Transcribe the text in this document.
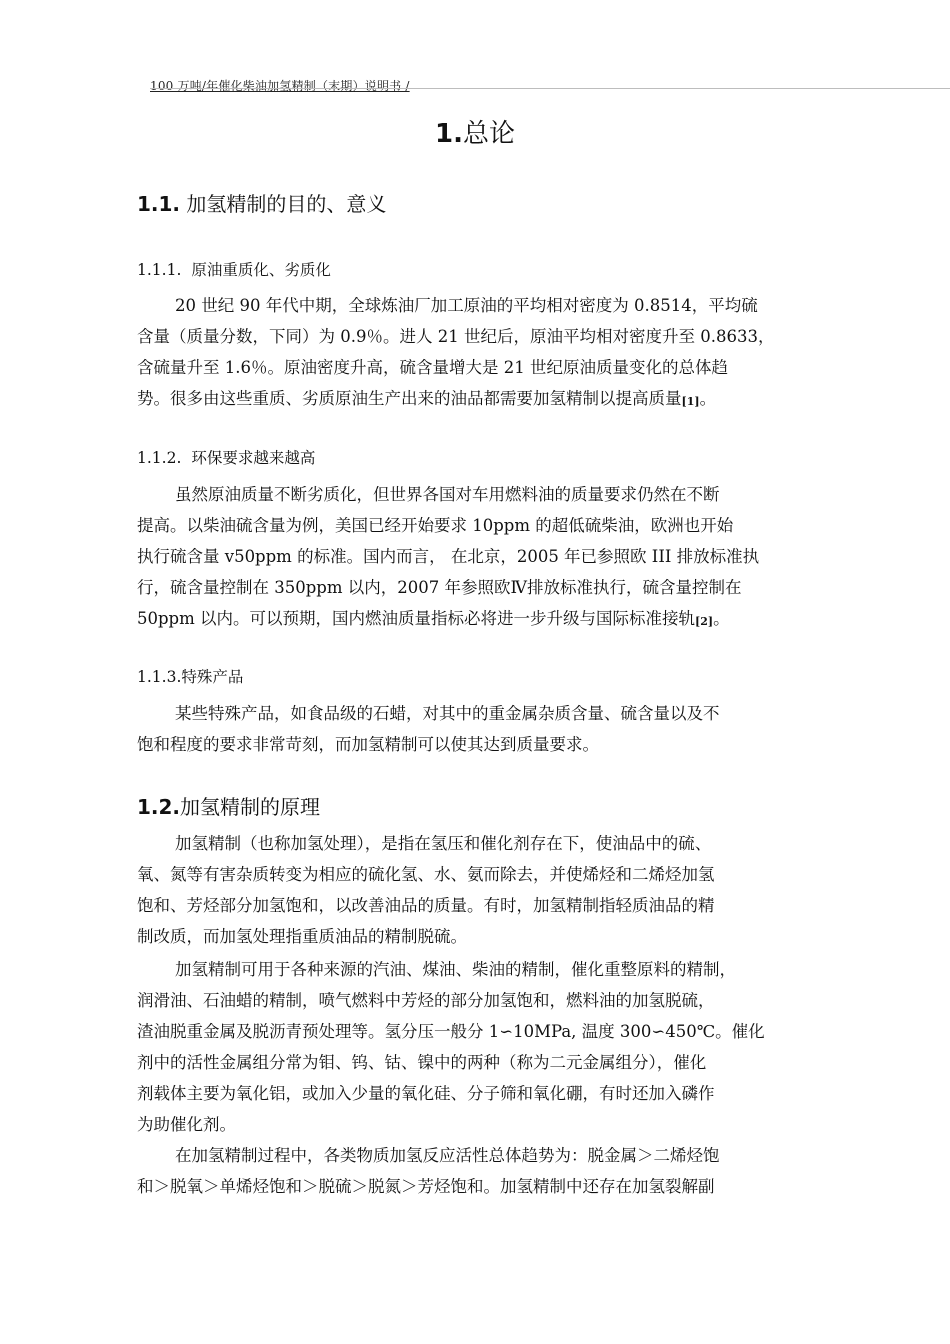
100 万吨/年催化柴油加氢精制（末期）说明书 /
1.总论
1.1. 加氢精制的目的、意义
1.1.1. 原油重质化、劣质化
20 世纪 90 年代中期，全球炼油厂加工原油的平均相对密度为 0.8514，平均硫
含量（质量分数，下同）为 0.9％。进人 21 世纪后，原油平均相对密度升至 0.8633，
含硫量升至 1.6％。原油密度升高，硫含量增大是 21 世纪原油质量变化的总体趋
势。很多由这些重质、劣质原油生产出来的油品都需要加氢精制以提高质量[1]。
1.1.2. 环保要求越来越高
虽然原油质量不断劣质化，但世界各国对车用燃料油的质量要求仍然在不断
提高。以柴油硫含量为例，美国已经开始要求 10ppm 的超低硫柴油，欧洲也开始
执行硫含量 v50ppm 的标准。国内而言， 在北京，2005 年已参照欧 III 排放标准执
行，硫含量控制在 350ppm 以内，2007 年参照欧Ⅳ排放标准执行，硫含量控制在
50ppm 以内。可以预期，国内燃油质量指标必将进一步升级与国际标准接轨[2]。
1.1.3.特殊产品
某些特殊产品，如食品级的石蜡，对其中的重金属杂质含量、硫含量以及不
饱和程度的要求非常苛刻，而加氢精制可以使其达到质量要求。
1.2.加氢精制的原理
加氢精制（也称加氢处理），是指在氢压和催化剂存在下，使油品中的硫、
氧、氮等有害杂质转变为相应的硫化氢、水、氨而除去，并使烯烃和二烯烃加氢
饱和、芳烃部分加氢饱和，以改善油品的质量。有时，加氢精制指轻质油品的精
制改质，而加氢处理指重质油品的精制脱硫。
加氢精制可用于各种来源的汽油、煤油、柴油的精制，催化重整原料的精制，
润滑油、石油蜡的精制，喷气燃料中芳烃的部分加氢饱和，燃料油的加氢脱硫，
渣油脱重金属及脱沥青预处理等。氢分压一般分 1∽10MPa, 温度 300∽450℃。催化
剂中的活性金属组分常为钼、钨、钴、镍中的两种（称为二元金属组分），催化
剂载体主要为氧化铝，或加入少量的氧化硅、分子筛和氧化硼，有时还加入磷作
为助催化剂。
在加氢精制过程中，各类物质加氢反应活性总体趋势为：脱金属＞二烯烃饱
和＞脱氧＞单烯烃饱和＞脱硫＞脱氮＞芳烃饱和。加氢精制中还存在加氢裂解副
